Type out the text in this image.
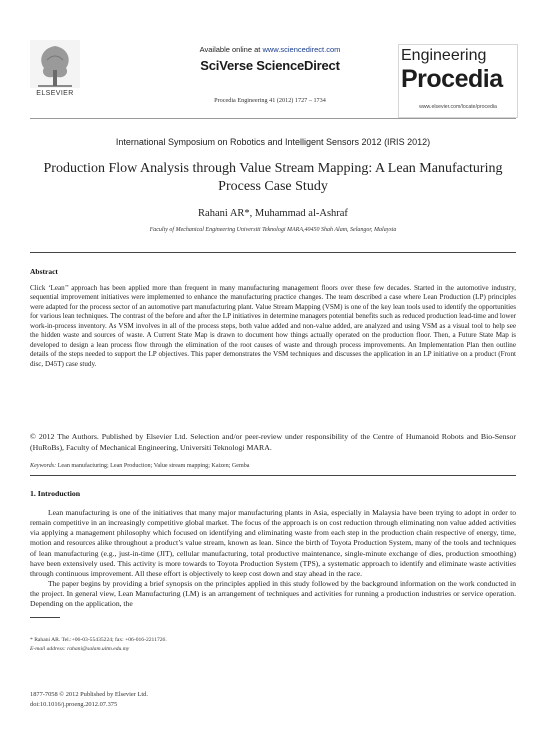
ELSEVIER
Available online at www.sciencedirect.com
SciVerse ScienceDirect
Procedia Engineering 41 (2012) 1727 – 1734
Engineering
Procedia
www.elsevier.com/locate/procedia
International Symposium on Robotics and Intelligent Sensors 2012 (IRIS 2012)
Production Flow Analysis through Value Stream Mapping: A Lean Manufacturing Process Case Study
Rahani AR*, Muhammad al-Ashraf
Faculty of Mechanical Engineering Universiti Teknologi MARA,40450 Shah Alam, Selangor, Malaysia
Abstract
Click ‘Lean’’ approach has been applied more than frequent in many manufacturing management floors over these few decades. Started in the automotive industry, sequential improvement initiatives were implemented to enhance the manufacturing practice changes. The team described a case where Lean Production (LP) principles were adapted for the process sector of an automotive part manufacturing plant. Value Stream Mapping (VSM) is one of the key lean tools used to identify the opportunities for various lean techniques. The contrast of the before and after the LP initiatives in determine managers potential benefits such as reduced production lead-time and lower work-in-process inventory. As VSM involves in all of the process steps, both value added and non-value added, are analyzed and using VSM as a visual tool to help see the hidden waste and sources of waste. A Current State Map is drawn to document how things actually operated on the production floor. Then, a Future State Map is developed to design a lean process flow through the elimination of the root causes of waste and through process improvements. An Implementation Plan then outline details of the steps needed to support the LP objectives. This paper demonstrates the VSM techniques and discusses the application in an LP initiative on a product (Front disc, D45T) case study.
© 2012 The Authors. Published by Elsevier Ltd. Selection and/or peer-review under responsibility of the Centre of Humanoid Robots and Bio-Sensor (HuRoBs), Faculty of Mechanical Engineering, Universiti Teknologi MARA.
Keywords: Lean manufacturing; Lean Production; Value stream mapping; Kaizen; Gemba
1. Introduction
Lean manufacturing is one of the initiatives that many major manufacturing plants in Asia, especially in Malaysia have been trying to adopt in order to remain competitive in an increasingly competitive global market. The focus of the approach is on cost reduction through eliminating non value added activities via applying a management philosophy which focused on identifying and eliminating waste from each step in the production chain respective of energy, time, motion and resources alike throughout a product’s value stream, known as lean. Since the birth of Toyota Production System, many of the tools and techniques of lean manufacturing (e.g., just-in-time (JIT), cellular manufacturing, total productive maintenance, single-minute exchange of dies, production smoothing) have been extensively used. This activity is more towards to Toyota Production System (TPS), a systematic approach to identify and eliminate waste activities through continuous improvement. All these effort is objectively to keep cost down and stay ahead in the race.
The paper begins by providing a brief synopsis on the principles applied in this study followed by the background information on the work conducted in the project. In general view, Lean Manufacturing (LM) is an arrangement of techniques and activities for running a production industries or service operation. Depending on the application, the
* Rahani AR. Tel.:+06-03-55435224; fax: +06-016-2211726.
E-mail address: rahani@salam.uitm.edu.my
1877-7058 © 2012 Published by Elsevier Ltd.
doi:10.1016/j.proeng.2012.07.375
